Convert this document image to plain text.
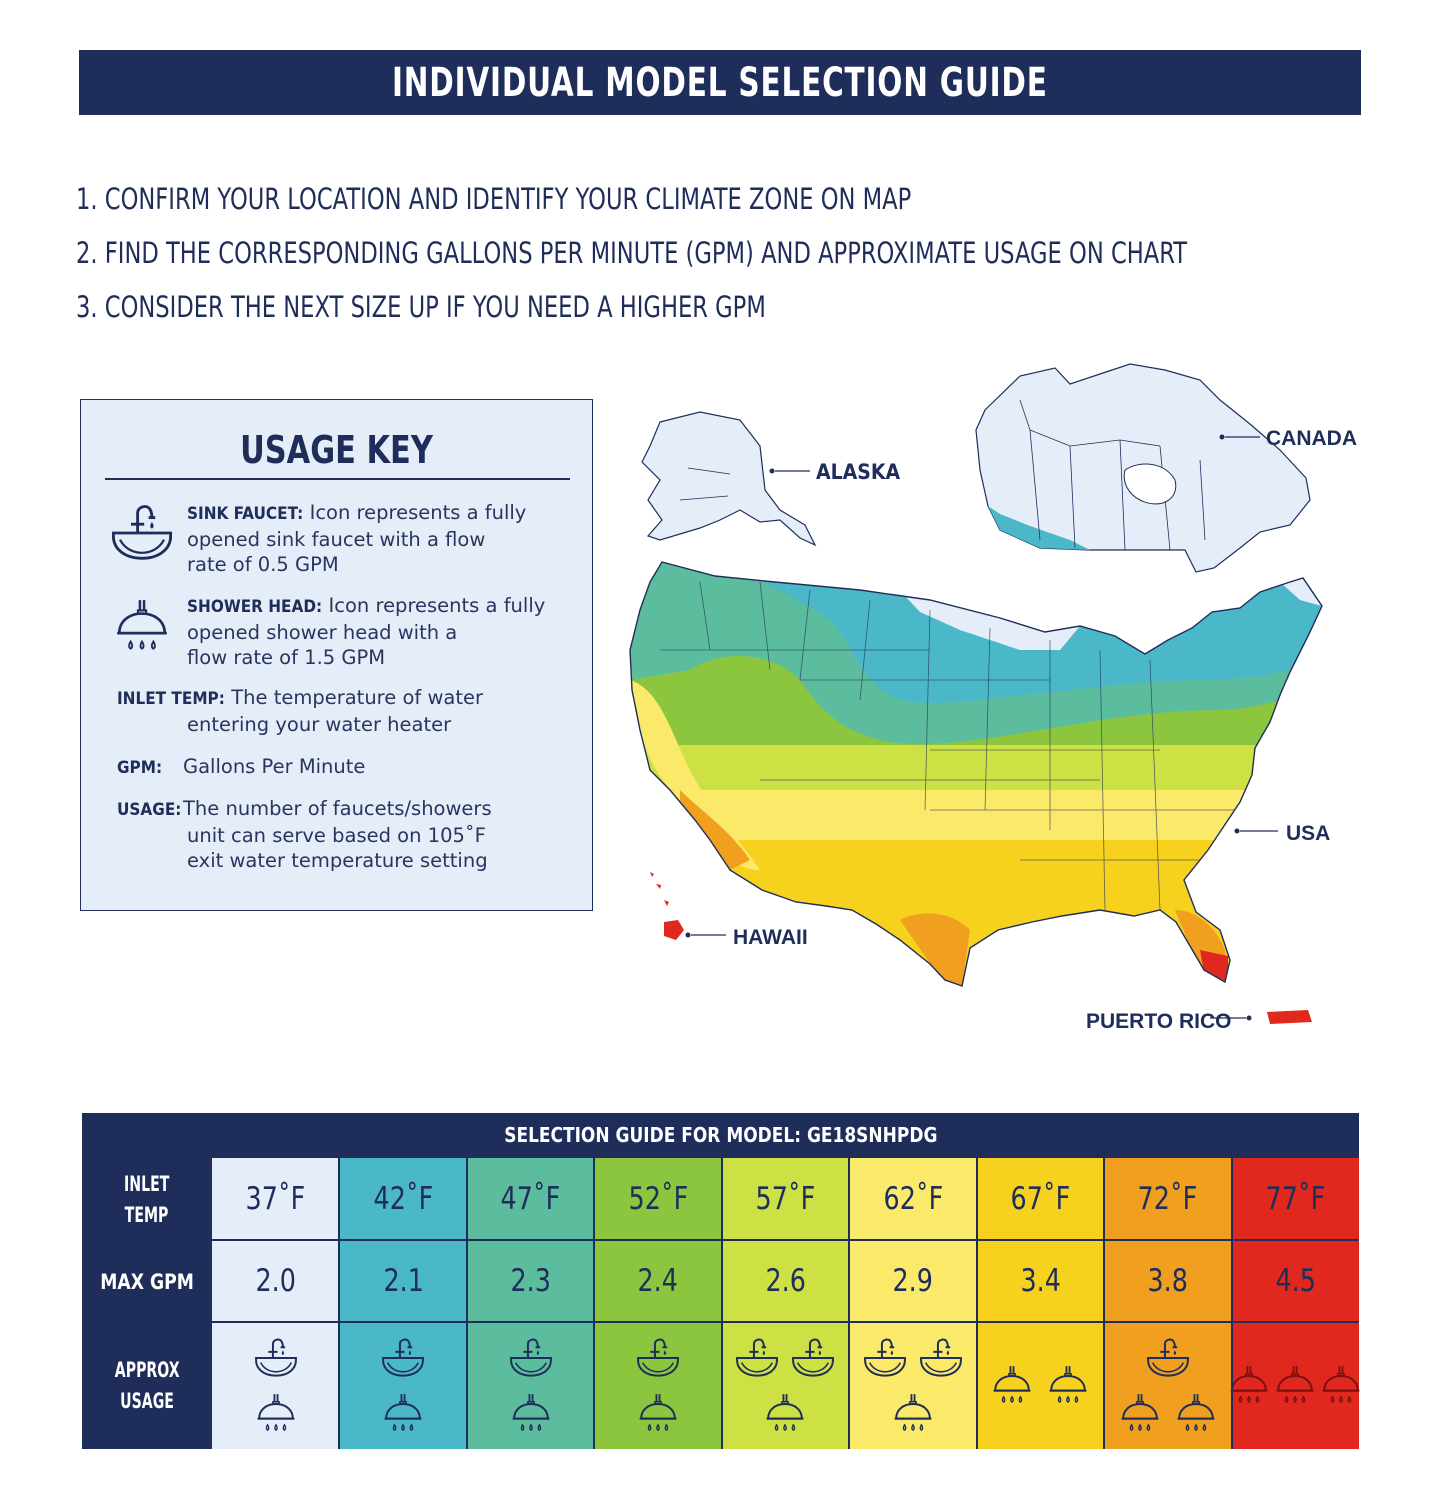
INDIVIDUAL MODEL SELECTION GUIDE
1. CONFIRM YOUR LOCATION AND IDENTIFY YOUR CLIMATE ZONE ON MAP
2. FIND THE CORRESPONDING GALLONS PER MINUTE (GPM) AND APPROXIMATE USAGE ON CHART
3. CONSIDER THE NEXT SIZE UP IF YOU NEED A HIGHER GPM
USAGE KEY
SINK FAUCET: Icon represents a fully
opened sink faucet with a flow
rate of 0.5 GPM
SHOWER HEAD: Icon represents a fully
opened shower head with a
flow rate of 1.5 GPM
INLET TEMP: The temperature of water
entering your water heater
GPM: Gallons Per Minute
USAGE:The number of faucets/showers
unit can serve based on 105˚F
exit water temperature setting
ALASKA
CANADA
USA
HAWAII
PUERTO RICO
SELECTION GUIDE FOR MODEL: GE18SNHPDG
INLET
TEMP
MAX GPM
APPROX
USAGE
37˚F
2.0
42˚F
2.1
47˚F
2.3
52˚F
2.4
57˚F
2.6
62˚F
2.9
67˚F
3.4
72˚F
3.8
77˚F
4.5
